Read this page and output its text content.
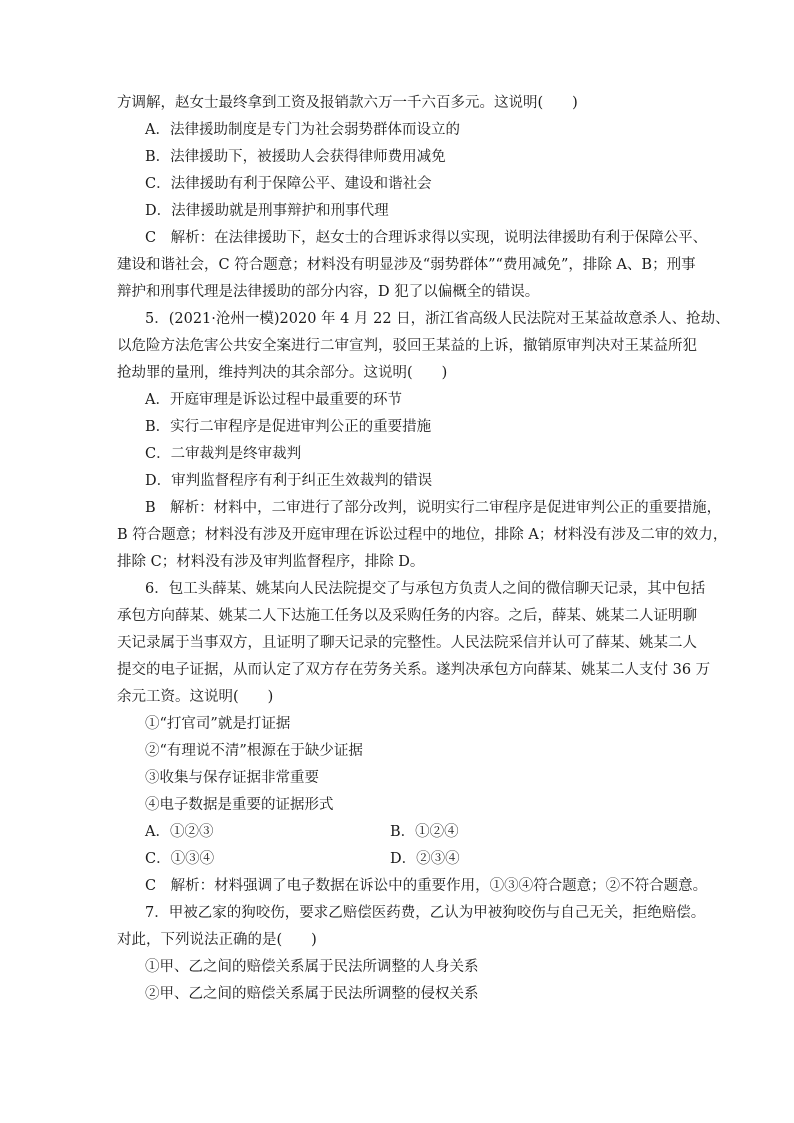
方调解，赵女士最终拿到工资及报销款六万一千六百多元。这说明(　　)
A．法律援助制度是专门为社会弱势群体而设立的
B．法律援助下，被援助人会获得律师费用减免
C．法律援助有利于保障公平、建设和谐社会
D．法律援助就是刑事辩护和刑事代理
C　解析：在法律援助下，赵女士的合理诉求得以实现，说明法律援助有利于保障公平、
建设和谐社会，C 符合题意；材料没有明显涉及“弱势群体”“费用减免”，排除 A、B；刑事
辩护和刑事代理是法律援助的部分内容，D 犯了以偏概全的错误。
5．(2021·沧州一模)2020 年 4 月 22 日，浙江省高级人民法院对王某益故意杀人、抢劫、
以危险方法危害公共安全案进行二审宣判，驳回王某益的上诉，撤销原审判决对王某益所犯
抢劫罪的量刑，维持判决的其余部分。这说明(　　)
A．开庭审理是诉讼过程中最重要的环节
B．实行二审程序是促进审判公正的重要措施
C．二审裁判是终审裁判
D．审判监督程序有利于纠正生效裁判的错误
B　解析：材料中，二审进行了部分改判，说明实行二审程序是促进审判公正的重要措施，
B 符合题意；材料没有涉及开庭审理在诉讼过程中的地位，排除 A；材料没有涉及二审的效力，
排除 C；材料没有涉及审判监督程序，排除 D。
6．包工头薛某、姚某向人民法院提交了与承包方负责人之间的微信聊天记录，其中包括
承包方向薛某、姚某二人下达施工任务以及采购任务的内容。之后，薛某、姚某二人证明聊
天记录属于当事双方，且证明了聊天记录的完整性。人民法院采信并认可了薛某、姚某二人
提交的电子证据，从而认定了双方存在劳务关系。遂判决承包方向薛某、姚某二人支付 36 万
余元工资。这说明(　　)
①“打官司”就是打证据
②“有理说不清”根源在于缺少证据
③收集与保存证据非常重要
④电子数据是重要的证据形式
A．①②③	B．①②④
C．①③④	D．②③④
C　解析：材料强调了电子数据在诉讼中的重要作用，①③④符合题意；②不符合题意。
7．甲被乙家的狗咬伤，要求乙赔偿医药费，乙认为甲被狗咬伤与自己无关，拒绝赔偿。
对此，下列说法正确的是(　　)
①甲、乙之间的赔偿关系属于民法所调整的人身关系
②甲、乙之间的赔偿关系属于民法所调整的侵权关系
